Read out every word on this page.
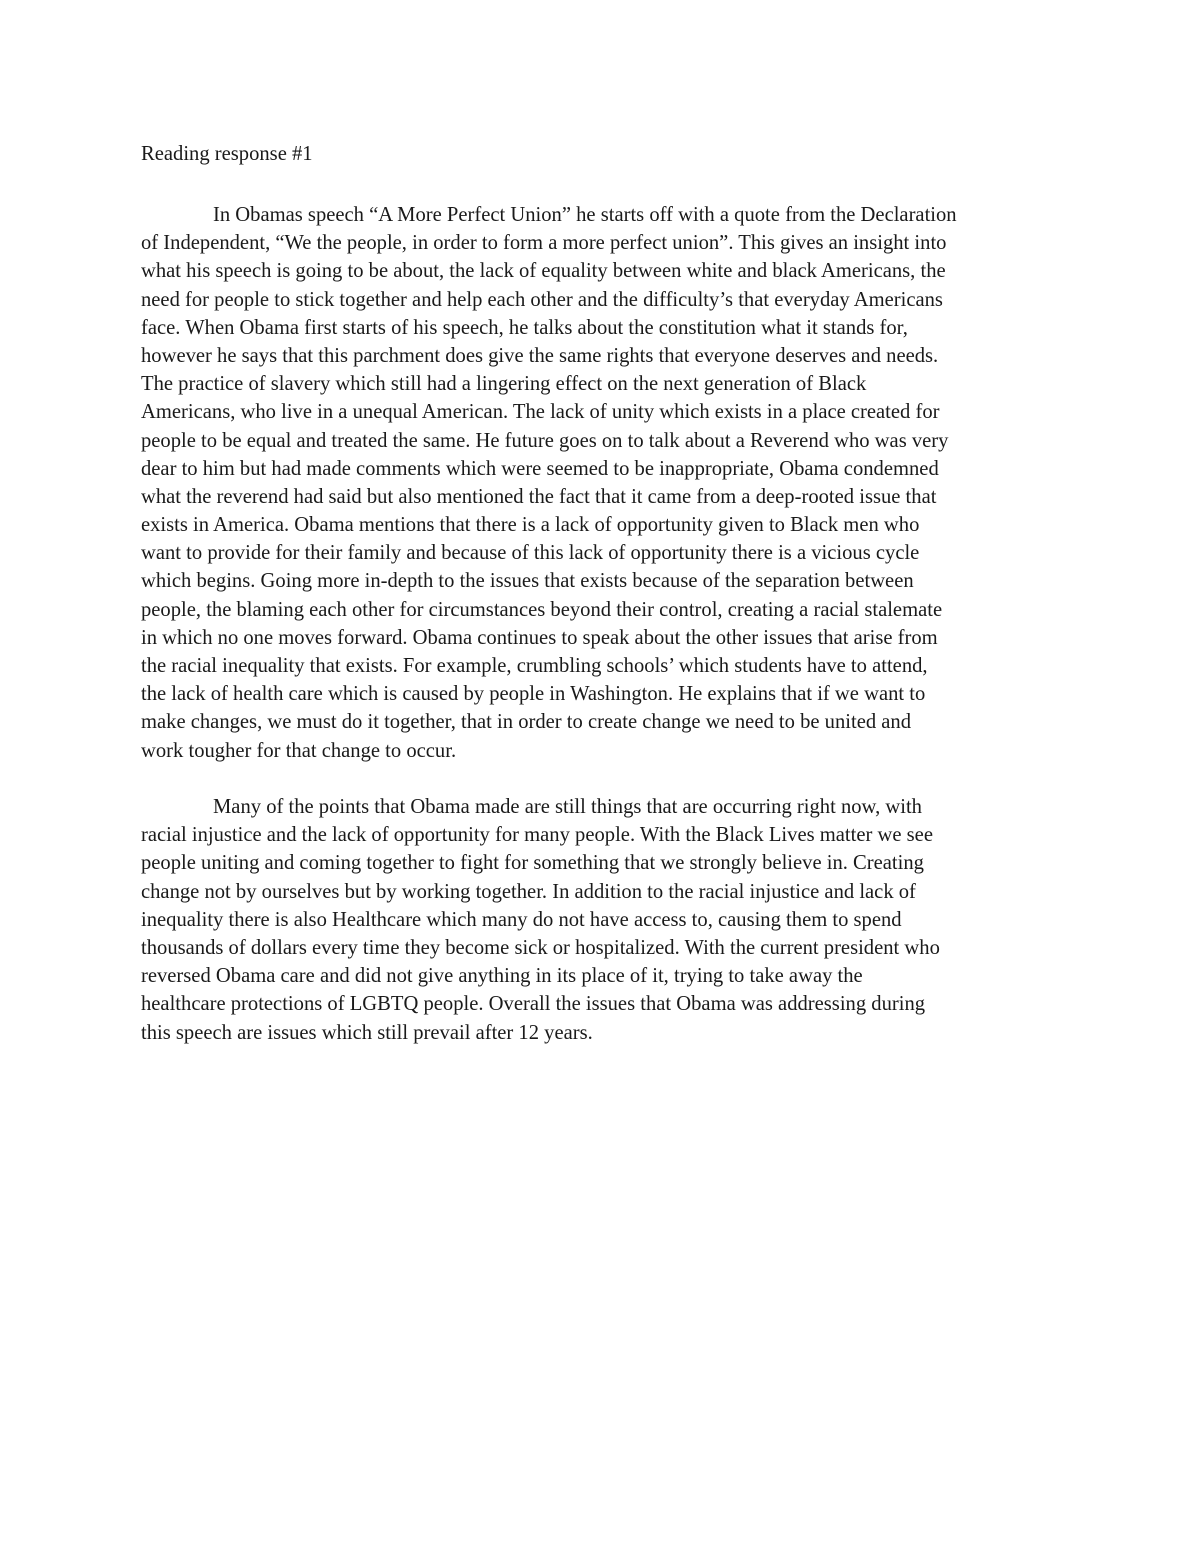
Reading response #1
In Obamas speech “A More Perfect Union” he starts off with a quote from the Declaration
of Independent, “We the people, in order to form a more perfect union”. This gives an insight into
what his speech is going to be about, the lack of equality between white and black Americans, the
need for people to stick together and help each other and the difficulty’s that everyday Americans
face. When Obama first starts of his speech, he talks about the constitution what it stands for,
however he says that this parchment does give the same rights that everyone deserves and needs.
The practice of slavery which still had a lingering effect on the next generation of Black
Americans, who live in a unequal American. The lack of unity which exists in a place created for
people to be equal and treated the same. He future goes on to talk about a Reverend who was very
dear to him but had made comments which were seemed to be inappropriate, Obama condemned
what the reverend had said but also mentioned the fact that it came from a deep-rooted issue that
exists in America. Obama mentions that there is a lack of opportunity given to Black men who
want to provide for their family and because of this lack of opportunity there is a vicious cycle
which begins. Going more in-depth to the issues that exists because of the separation between
people, the blaming each other for circumstances beyond their control, creating a racial stalemate
in which no one moves forward. Obama continues to speak about the other issues that arise from
the racial inequality that exists. For example, crumbling schools’ which students have to attend,
the lack of health care which is caused by people in Washington. He explains that if we want to
make changes, we must do it together, that in order to create change we need to be united and
work tougher for that change to occur.
Many of the points that Obama made are still things that are occurring right now, with
racial injustice and the lack of opportunity for many people. With the Black Lives matter we see
people uniting and coming together to fight for something that we strongly believe in. Creating
change not by ourselves but by working together. In addition to the racial injustice and lack of
inequality there is also Healthcare which many do not have access to, causing them to spend
thousands of dollars every time they become sick or hospitalized. With the current president who
reversed Obama care and did not give anything in its place of it, trying to take away the
healthcare protections of LGBTQ people. Overall the issues that Obama was addressing during
this speech are issues which still prevail after 12 years.
